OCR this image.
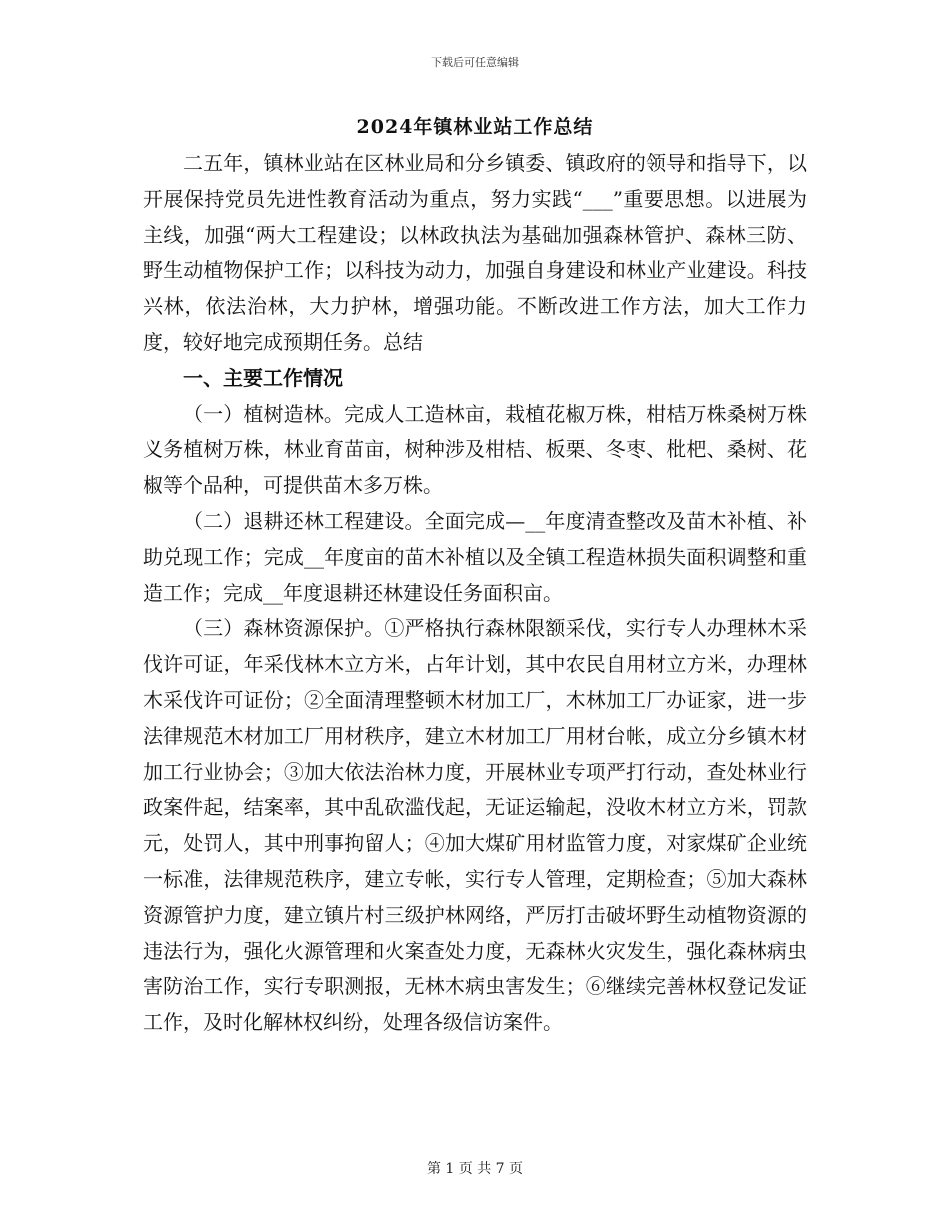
下载后可任意编辑
2024年镇林业站工作总结

二五年，镇林业站在区林业局和分乡镇委、镇政府的领导和指导下，以开展保持党员先进性教育活动为重点，努力实践“___”重要思想。以进展为主线，加强“两大工程建设；以林政执法为基础加强森林管护、森林三防、野生动植物保护工作；以科技为动力，加强自身建设和林业产业建设。科技兴林，依法治林，大力护林，增强功能。不断改进工作方法，加大工作力度，较好地完成预期任务。总结

一、主要工作情况

（一）植树造林。完成人工造林亩，栽植花椒万株，柑桔万株桑树万株义务植树万株，林业育苗亩，树种涉及柑桔、板栗、冬枣、枇杷、桑树、花椒等个品种，可提供苗木多万株。

（二）退耕还林工程建设。全面完成—__年度清查整改及苗木补植、补助兑现工作；完成__年度亩的苗木补植以及全镇工程造林损失面积调整和重造工作；完成__年度退耕还林建设任务面积亩。

（三）森林资源保护。①严格执行森林限额采伐，实行专人办理林木采伐许可证，年采伐林木立方米，占年计划，其中农民自用材立方米，办理林木采伐许可证份；②全面清理整顿木材加工厂，木林加工厂办证家，进一步法律规范木材加工厂用材秩序，建立木材加工厂用材台帐，成立分乡镇木材加工行业协会；③加大依法治林力度，开展林业专项严打行动，查处林业行政案件起，结案率，其中乱砍滥伐起，无证运输起，没收木材立方米，罚款元，处罚人，其中刑事拘留人；④加大煤矿用材监管力度，对家煤矿企业统一标准，法律规范秩序，建立专帐，实行专人管理，定期检查；⑤加大森林资源管护力度，建立镇片村三级护林网络，严厉打击破坏野生动植物资源的违法行为，强化火源管理和火案查处力度，无森林火灾发生，强化森林病虫害防治工作，实行专职测报，无林木病虫害发生；⑥继续完善林权登记发证工作，及时化解林权纠纷，处理各级信访案件。

第 1 页 共 7 页
